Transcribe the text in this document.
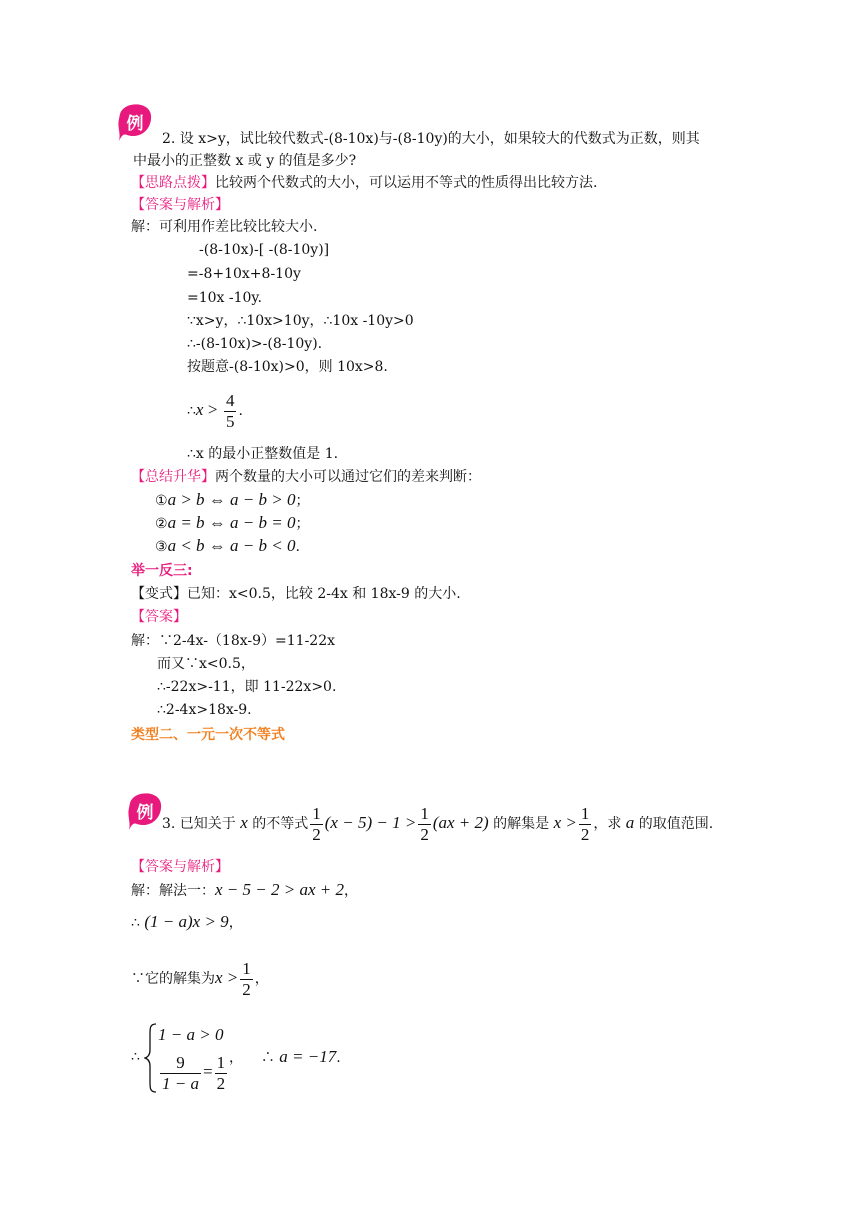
例
2. 设 x>y，试比较代数式-(8-10x)与-(8-10y)的大小，如果较大的代数式为正数，则其
中最小的正整数 x 或 y 的值是多少?
【思路点拨】比较两个代数式的大小，可以运用不等式的性质得出比较方法.
【答案与解析】
解：可利用作差比较比较大小.
-(8-10x)-[ -(8-10y)]
=-8+10x+8-10y
=10x -10y.
∵x>y，∴10x>10y，∴10x -10y>0
∴-(8-10x)>-(8-10y).
按题意-(8-10x)>0，则 10x>8.
∴x > $\frac{4}{5}$ .
∴x 的最小正整数值是 1.
【总结升华】两个数量的大小可以通过它们的差来判断：
①a > b ⇔ a − b > 0；
②a = b ⇔ a − b = 0；
③a < b ⇔ a − b < 0.
举一反三:
【变式】已知：x<0.5，比较 2-4x 和 18x-9 的大小.
【答案】
解：∵2-4x-（18x-9）=11-22x
而又∵x<0.5，
∴-22x>-11，即 11-22x>0.
∴2-4x>18x-9.
类型二、一元一次不等式
例
3. 已知关于 x 的不等式 $\frac{1}{2} (x - 5) - 1 > \frac{1}{2} (ax + 2)$ 的解集是 $x > \frac{1}{2}$ ，求 a 的取值范围.
【答案与解析】
解：解法一：x − 5 − 2 > ax + 2，
∴ (1 − a)x > 9，
∵它的解集为$x > \frac{1}{2}$ ，
∴
1 − a > 0
$\frac{9}{1 - a} = \frac{1}{2}$ ， ∴ a = −17.
